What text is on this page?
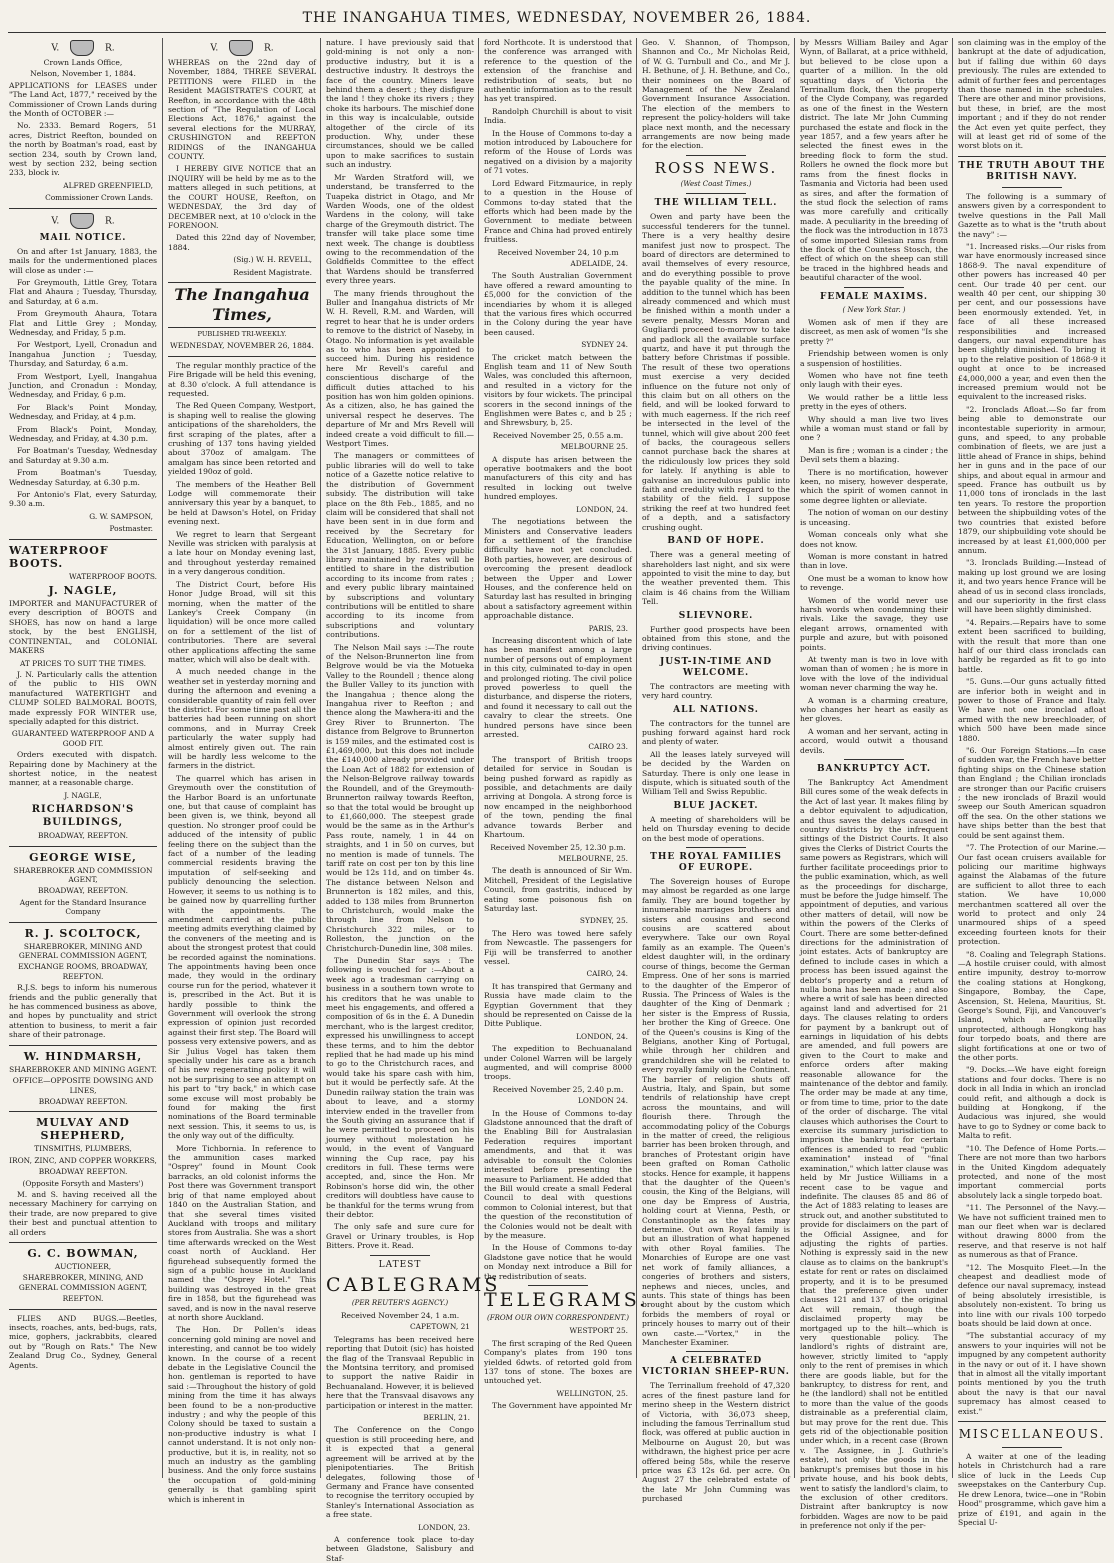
THE INANGAHUA TIMES, WEDNESDAY, NOVEMBER 26, 1884.
V.	R.
Crown Lands Office,
Nelson, November 1, 1884.

APPLICATIONS for LEASES under "The Land Act, 1877," received by the Commissioner of Crown Lands during the Month of OCTOBER :—

No. 2333. Bemard Rogers, 51 acres, District Reefton, bounded on the north by Boatman's road, east by section 234, south by Crown land, west by section 232, being section 233, block iv.

ALFRED GREENFIELD,
Commissioner Crown Lands.
V.	R.
MAIL NOTICE.

On and after 1st January, 1883, the mails for the undermentioned places will close as under :—

For Greymouth, Little Grey, Totara Flat and Ahaura ; Tuesday, Thursday, and Saturday, at 6 a.m.

From Greymouth Ahaura, Totara Flat and Little Grey ; Monday, Wednesday, and Friday, 5 p.m.

For Westport, Lyell, Cronadun and Inangahua Junction ; Tuesday, Thursday, and Saturday, 6 a.m.

From Westport, Lyell, Inangahua Junction, and Cronadun : Monday, Wednesday, and Friday, 6 p.m.

For Black's Point Monday, Wednesday, and Friday, at 4 p.m.

From Black's Point, Monday, Wednesday, and Friday, at 4.30 p.m.

For Boatman's Tuesday, Wednesday and Saturday at 9.30 a.m.

From Boatman's Tuesday, Wednesday Saturday, at 6.30 p.m.

For Antonio's Flat, every Saturday, 9.30 a.m.

G. W. SAMPSON,
Postmaster.
WATERPROOF BOOTS.
WATERPROOF BOOTS.
J. NAGLE,

IMPORTER and MANUFACTURER of every description of BOOTS and SHOES, has now on hand a large stock, by the best ENGLISH, CONTINENTAL, and COLONIAL MAKERS

AT PRICES TO SUIT THE TIMES.

J. N. Particularly calls the attention of the public to HIS OWN manufactured WATERTIGHT and CLUMP SOLED BALMORAL BOOTS, made expressly FOR WINTER use, specially adapted for this district.

GUARANTEED WATERPROOF AND A GOOD FIT.

Orders executed with dispatch. Repairing done by Machinery at the shortest notice, in the neatest manner, at a reasonable charge.

J. NAGLE,
RICHARDSON'S BUILDINGS,
BROADWAY, REEFTON.
GEORGE WISE,
SHAREBROKER AND COMMISSION AGENT,
BROADWAY, REEFTON.
Agent for the Standard Insurance Company
R. J. SCOLTOCK,
SHAREBROKER, MINING AND GENERAL COMMISSION AGENT,
EXCHANGE ROOMS, BROADWAY, REEFTON.

R.J.S. begs to inform his numerous friends and the public generally that he has commenced business as above, and hopes by punctuality and strict attention to business, to merit a fair share of their patronage.

W. HINDMARSH,
SHAREBROKER AND MINING AGENT.
OFFICE—OPPOSITE DOWSING AND LINES,
BROADWAY REEFTON.
MULVAY AND SHEPHERD,
TINSMITHS, PLUMBERS,
IRON, ZINC, AND COPPER WORKERS,
BROADWAY REEFTON.
(Opposite Forsyth and Masters')

M. and S. having received all the necessary Machinery for carrying on their trade, are now prepared to give their best and punctual attention to all orders

G. C. BOWMAN,
AUCTIONEER,
SHAREBROKER, MINING, AND GENERAL COMMISSION AGENT,
REEFTON.

FLIES AND BUGS.—Beetles, insects, roaches, ants, bed-bugs, rats, mice, gophers, jackrabbits, cleared out by "Rough on Rats." The New Zealand Drug Co., Sydney, General Agents.

V.	R.

WHEREAS on the 22nd day of November, 1884, THREE SEVERAL PETITIONS were FILED in the Resident MAGISTRATE'S COURT, at Reefton, in accordance with the 48th section of "The Regulation of Local Elections Act, 1876," against the several elections for the MURRAY, CRUSHINGTON and REEFTON RIDINGS of the INANGAHUA COUNTY.

I HEREBY GIVE NOTICE that an INQUIRY will be held by me as to the matters alleged in such petitions, at the COURT HOUSE, Reefton, on WEDNESDAY, the 3rd day of DECEMBER next, at 10 o'clock in the FORENOON.

Dated this 22nd day of November, 1884.

(Sig.) W. H. REVELL,
Resident Magistrate.
The Inangahua Times,
PUBLISHED TRI-WEEKLY.
WEDNESDAY, NOVEMBER 26, 1884.

The regular monthly practice of the Fire Brigade will be held this evening, at 8.30 o'clock. A full attendance is requested.

The Red Queen Company, Westport, is shaping well to realise the glowing anticipations of the shareholders, the first scraping of the plates, after a crushing of 137 tons having yielded about 370oz of amalgam. The amalgam has since been retorted and yielded 190oz of gold.

The members of the Heather Bell Lodge will commemorate their anniversary this year by a banquet, to be held at Dawson's Hotel, on Friday evening next.

We regret to learn that Sergeant Neville was stricken with paralysis at a late hour on Monday evening last, and throughout yesterday remained in a very dangerous condition.

The District Court, before His Honor Judge Broad, will sit this morning, when the matter of the Lankey's Creek Company (in liquidation) will be once more called on for a settlement of the list of contributories. There are several other applications affecting the same matter, which will also be dealt with.

A much needed change in the weather set in yesterday morning and during the afternoon and evening a considerable quantity of rain fell over the district. For some time past all the batteries had been running on short commons, and in Murray Creek particularly the water supply had almost entirely given out. The rain will be hardly less welcome to the farmers in the district.

The quarrel which has arisen in Greymouth over the constitution of the Harbor Board is an unfortunate one, but that cause of complaint has been given is, we think, beyond all question. No stronger proof could be adduced of the intensity of public feeling there on the subject than the fact of a number of the leading commercial residents braving the imputation of self-seeking and publicly denouncing the selection. However, it seems to us nothing is to be gained now by quarrelling further with the appointments. The amendment carried at the public meeting admits everything claimed by the conveners of the meeting and is about the strongest protest that could be recorded against the nominations. The appointments having been once made, they would in the ordinary course run for the period, whatever it is, prescribed in the Act. But it is hardly possible to think the Government will overlook the strong expression of opinion just recorded against their first step. The Board will possess very extensive powers, and as Sir Julius Vogel has taken them specially under his care as a branch of his new regenerating policy it will not be surprising to see an attempt on his part to "try back," in which case some excuse will most probably be found for making the first nominations of the Board terminable next session. This, it seems to us, is the only way out of the difficulty.

More Tichbornia. In reference to the ammunition cases marked "Osprey" found in Mount Cook barracks, an old colonist informs the Post there was Government transport brig of that name employed about 1840 on the Australian Station, and that she several times visited Auckland with troops and military stores from Australia. She was a short time afterwards wrecked on the West coast north of Auckland. Her figurehead subsequently formed the sign of a public house in Auckland named the "Osprey Hotel." This building was destroyed in the great fire in 1858, but the figurehead was saved, and is now in the naval reserve at north shore Auckland.

The Hon. Dr Pollen's ideas concerning gold mining are novel and interesting, and cannot be too widely known. In the course of a recent debate in the Legislative Council the hon. gentleman is reported to have said :—Throughout the history of gold mining from the time it has always been found to be a non-productive industry ; and why the people of this Colony should be taxed to sustain a non-productive industry is what I cannot understand. It is not only non-productive, but it is, in reality, not so much an industry as the gambling business. And the only force sustains the occupation of gold-mining generally is that gambling spirit which is inherent in

nature. I have previously said that gold-mining is not only a non-productive industry, but it is a destructive industry. It destroys the face of the country. Miners leave behind them a desert ; they disfigure the land ! they choke its rivers ; they choke its harbours. The mischief done in this way is incalculable, outside altogether of the circle of its production. Why, under these circumstances, should we be called upon to make sacrifices to sustain such an industry.

Mr Warden Stratford will, we understand, be transferred to the Tuapeka district in Otago, and Mr Warden Woods, one of the oldest Wardens in the colony, will take charge of the Greymouth district. The transfer will take place some time next week. The change is doubtless owing to the recommendation of the Goldfields Committee to the effect that Wardens should be transferred every three years.

The many friends throughout the Buller and Inangahua districts of Mr W. H. Revell, R.M. and Warden, will regret to hear that he is under orders to remove to the district of Naseby, in Otago. No information is yet available as to who has been appointed to succeed him. During his residence here Mr Revell's careful and conscientious discharge of the difficult duties attached to his position has won him golden opinions. As a citizen, also, he has gained the universal respect he deserves. The departure of Mr and Mrs Revell will indeed create a void difficult to fill.—Westport Times.

The managers or committees of public libraries will do well to take notice of a Gazette notice relative to the distribution of Government subsidy. The distribution will take place on the 8th Feb., 1885, and no claim will be considered that shall not have been sent in in due form and received by the Secretary for Education, Wellington, on or before the 31st January, 1885. Every public library maintained by rates will be entitled to share in the distribution according to its income from rates ; and every public library maintained by subscriptions and voluntary contributions will be entitled to share according to its income from subscriptions and voluntary contributions.

The Nelson Mail says :—The route of the Nelson-Brunnerton line from Belgrove would be via the Motueka Valley to the Roundell ; thence along the Buller Valley to its junction with the Inangahua ; thence along the Inangahua river to Reefton ; and thence along the Mawhera-iti and the Grey River to Brunnerton. The distance from Belgrove to Brunnerton is 159 miles, and the estimated cost is £1,469,000, but this does not include the £140,000 already provided under the Loan Act of 1882 for extension of the Nelson-Belgrove railway towards the Roundell, and of the Greymouth-Brunnerton railway towards Reefton, so that the total would be brought up to £1,660,000. The steepest grade would be the same as in the Arthur's Pass route, namely, 1 in 44 on straights, and 1 in 50 on curves, but no mention is made of tunnels. The tariff rate on cost per ton by this line would be 12s 11d, and on timber 4s. The distance between Nelson and Brunnerton is 182 miles, and this, added to 138 miles from Brunnerton to Christchurch, would make the through line from Nelson to Christchurch 322 miles, or to Rolleston, the junction on the Christchurch-Dunedin line, 308 miles.

The Dunedin Star says : The following is vouched for :—About a week ago a tradesman carrying on business in a southern town wrote to his creditors that he was unable to meet his engagements, and offered a composition of 6s in the £. A Dunedin merchant, who is the largest creditor, expressed his unwillingness to accept these terms, and to him the debtor replied that he had made up his mind to go to the Christchurch races, and would take his spare cash with him, but it would be perfectly safe. At the Dunedin railway station the train was about to leave, and a stormy interview ended in the traveller from the South giving an assurance that if he were permitted to proceed on his journey without molestation he would, in the event of Vanguard winning the Cup race, pay his creditors in full. These terms were accepted, and, since the Hon. Mr Robinson's horse did win, the other creditors will doubtless have cause to be thankful for the terms wrung from their debtor.

The only safe and sure cure for Gravel or Urinary troubles, is Hop Bitters. Prove it. Read.

LATEST
CABLEGRAMS
(PER REUTER'S AGENCY.)
Received November 24, 1 a.m.
CAPETOWN, 21

Telegrams has been received here reporting that Dutoit (sic) has hoisted the flag of the Transvaal Republic in the Montsina territory, and promised to support the native Raidir in Bechuanaland. However, it is believed here that the Transvaal disavows any participation or interest in the matter.

BERLIN, 21.

The Conference on the Congo question is still proceeding here, and it is expected that a general agreement will be arrived at by the plenipotentiaries. The British delegates, following those of Germany and France have consented to recognise the territory occupied by Stanley's International Association as a free state.

LONDON, 23.

A conference took place to-day between Gladstone, Salisbury and Staf-

ford Northcote. It is understood that the conference was arranged with reference to the question of the extension of the franchise and redistribution of seats, but no authentic information as to the result has yet transpired.

Randolph Churchill is about to visit India.

In the House of Commons to-day a motion introduced by Labouchere for reform of the House of Lords was negatived on a division by a majority of 71 votes.

Lord Edward Fitzmaurice, in reply to a question in the House of Commons to-day stated that the efforts which had been made by the Government to mediate between France and China had proved entirely fruitless.

Received November 24, 10 p.m
ADELAIDE, 24.

The South Australian Government have offered a reward amounting to £5,000 for the conviction of the incendiaries by whom it is alleged that the various fires which occurred in the Colony during the year have been caused.

SYDNEY 24.

The cricket match between the English team and 11 of New South Wales, was concluded this afternoon, and resulted in a victory for the visitors by four wickets. The principal scorers in the second innings of the Englishmen were Bates c, and b 25 ; and Shrewsbury, b, 25.

Received November 25, 0.55 a.m.
MELBOURNE 25.

A dispute has arisen between the operative bootmakers and the boot manufacturers of this city and has resulted in locking out twelve hundred employes.

LONDON, 24.

The negotiations between the Ministers and Conservative leaders for a settlement of the franchise difficulty have not yet concluded. Both parties, however, are desirous of overcoming the present deadlock between the Upper and Lower Houses, and the conference held on Saturday last has resulted in bringing about a satisfactory agreement within approachable distance.

PARIS, 23.

Increasing discontent which of late has been manifest among a large number of persons out of employment in this city, culminated to-day in open and prolonged rioting. The civil police proved powerless to quell the disturbance, and disperse the rioters, and found it necessary to call out the cavalry to clear the streets. One hundred persons have since been arrested.

CAIRO 23.

The transport of British troops detailed for service in Soudan is being pushed forward as rapidly as possible, and detachments are daily arriving at Dongola. A strong force is now encamped in the neighborhood of the town, pending the final advance towards Berber and Khartoum.

Received November 25, 12.30 p.m.
MELBOURNE, 25.

The death is announced of Sir Wm. Mitchell, President of the Legislative Council, from gastritis, induced by eating some poisonous fish on Saturday last.

SYDNEY, 25.

The Hero was towed here safely from Newcastle. The passengers for Fiji will be transferred to another vessel.

CAIRO, 24.

It has transpired that Germany and Russia have made claim to the Egyptian Government that they should be represented on Caisse de la Ditte Publique.

LONDON, 24.

The expedition to Bechuanaland under Colonel Warren will be largely augmented, and will comprise 8000 troops.

Received November 25, 2.40 p.m.
LONDON 24.

In the House of Commons to-day Gladstone announced that the draft of the Enabling Bill for Australasian Federation requires important amendments, and that it was advisable to consult the Colonies interested before presenting the measure to Parliament. He added that the Bill would create a small Federal Council to deal with questions common to Colonial interest, but that the question of the reconstitution of the Colonies would not be dealt with by the measure.

In the House of Commons to-day Gladstone gave notice that he would on Monday next introduce a Bill for the redistribution of seats.

TELEGRAMS.
(FROM OUR OWN CORRESPONDENT.)
WESTPORT 25.

The first scraping of the Red Queen Company's plates from 190 tons yielded 6dwts. of retorted gold from 137 tons of stone. The boxes are untouched yet.

WELLINGTON, 25.

The Government have appointed Mr

Geo. V. Shannon, of Thompson, Shannon and Co., Mr Nicholas Reid, of W. G. Turnbull and Co., and Mr J. H. Bethune, of J. H. Bethune, and Co., their nominees on the Board of Management of the New Zealand Government Insurance Association. The election of the members to represent the policy-holders will take place next month, and the necessary arrangements are now being made for the election.

ROSS NEWS.
(West Coast Times.)
THE WILLIAM TELL.

Owen and party have been the successful tenderers for the tunnel. There is a very healthy desire manifest just now to prospect. The board of directors are determined to avail themselves of every resource, and do everything possible to prove the payable quality of the mine. In addition to the tunnel which has been already commenced and which must be finished within a month under a severe penalty, Messrs Moran and Gugliardi proceed to-morrow to take and padlock all the available surface quartz, and have it put through the battery before Christmas if possible. The result of these two operations must exercise a very decided influence on the future not only of this claim but on all others on the field, and will be looked forward to with much eagerness. If the rich reef be intersected in the level of the tunnel, which will give about 200 feet of backs, the courageous sellers cannot purchase back the shares at the ridiculously low prices they sold for lately. If anything is able to galvanise an incredulous public into faith and credulity with regard to the stability of the field. I suppose striking the reef at two hundred feet of a depth, and a satisfactory crushing ought.

BAND OF HOPE.

There was a general meeting of shareholders last night, and six were appointed to visit the mine to day, but the weather prevented them. This claim is 46 chains from the William Tell.

SLIEVNORE.

Further good prospects have been obtained from this stone, and the driving continues.

JUST-IN-TIME AND WELCOME.

The contractors are meeting with very hard country.

ALL NATIONS.

The contractors for the tunnel are pushing forward against hard rock and plenty of water.

All the leases lately surveyed will be decided by the Warden on Saturday. There is only one lease in dispute, which is situated south of the William Tell and Swiss Republic.

BLUE JACKET.

A meeting of shareholders will be held on Thursday evening to decide on the best mode of operations.

THE ROYAL FAMILIES OF EUROPE.

The Sovereign houses of Europe may almost be regarded as one large family. They are bound together by innumerable marriages brothers and sisters and cousins and second cousins are scattered about everywhere. Take our own Royal family as an example. The Queen's eldest daughter will, in the ordinary course of things, become the German Empress. One of her sons is married to the daughter of the Emperor of Russia. The Princess of Wales is the daughter of the King of Denmark ; her sister is the Empress of Russia, her brother the King of Greece. One of the Queen's cousins is King of the Belgians, another King of Portugal, while through her children and grandchildren she will be related to every royally family on the Continent. The barrier of religion shuts off Austria, Italy, and Spain, but some tendrils of relationship have crept across the mountains, and will flourish there. Through the accommodating policy of the Coburgs in the matter of creed, the religious barrier has been broken through, and branches of Protestant origin have been grafted on Roman Catholic stocks. Hence for example, it happens that the daughter of the Queen's cousin, the King of the Belgians, will one day be Empress of Austria, holding court at Vienna, Pesth, or Constantinople as the fates may determine. Out own Royal family is but an illustration of what happened with other Royal families. The Monarchies of Europe are one vast net work of family alliances, a congeries of brothers and sisters, nephews and nieces, uncles, and aunts. This state of things has been brought about by the custom which forbids the members of royal or princely houses to marry out of their own caste.—"Vortex," in the Manchester Examiner.

A CELEBRATED VICTORIAN SHEEP-RUN.

The Terrinallum freehold of 47,320 acres of the finest pasture land for merino sheep in the Western district of Victoria, with 36,073 sheep, including the famous Terrinallum stud flock, was offered at public auction in Melbourne on August 20, but was withdrawn, the highest price per acre offered being 58s, while the reserve price was £3 12s 6d. per acre. On August 27 the celebrated estate of the late Mr John Cumming was purchased

by Messrs William Bailey and Agar Wynn, of Ballarat, at a price withheld, but believed to be close upon a quarter of a million. In the old squatting days of Victoria the Terrinallum flock, then the property of the Clyde Company, was regarded as one of the finest in the Western district. The late Mr John Cumming purchased the estate and flock in the year 1857, and a few years after he selected the finest ewes in the breeding flock to form the stud. Rollers he owned the flock more but rams from the finest flocks in Tasmania and Victoria had been used as sires, and after the formation of the stud flock the selection of rams was more carefully and critically made. A peculiarity in the breeding of the flock was the introduction in 1873 of some imported Silesian rams from the flock of the Countess Stosch, the effect of which on the sheep can still be traced in the highbred heads and beautiful character of the wool.

FEMALE MAXIMS.
( New York Star. )

Women ask of men if they are discreet, as men ask of women "Is she pretty ?"

Friendship between women is only a suspension of hostilities.

Women who have not fine teeth only laugh with their eyes.

We would rather be a little less pretty in the eyes of others.

Why should a man live two lives while a woman must stand or fall by one ?

Man is fire ; woman is a cinder ; the Devil sets them a blazing.

There is no mortification, however keen, no misery, however desperate, which the spirit of women cannot in some degree lighten or alleviate.

The notion of woman on our destiny is unceasing.

Woman conceals only what she does not know.

Woman is more constant in hatred than in love.

One must be a woman to know how to revenge.

Women of the world never use harsh words when condemning their rivals. Like the savage, they use elegant arrows, ornamented with purple and azure, but with poisoned points.

At twenty man is two in love with woman than of women ; he is more in love with the love of the individual woman never charming the way he.

A woman is a charming creature, who changes her heart as easily as her gloves.

A woman and her servant, acting in accord, would outwit a thousand devils.

BANKRUPTCY ACT.

The Bankruptcy Act Amendment Bill cures some of the weak defects in the Act of last year. It makes filing by a debtor equivalent to adjudication, and thus saves the delays caused in country districts by the infrequent sittings of the District Courts. It also gives the Clerks of District Courts the same powers as Registrars, which will further facilitate proceedings prior to the public examination, which, as well as the proceedings for discharge, must be before the Judge himself. The appointment of deputies, and various other matters of detail, will now be within the powers of the Clerks of Court. There are some better-defined directions for the administration of joint estates. Acts of bankruptcy are defined to include cases in which a process has been issued against the debtor's property and a return of nulla bona has been made ; and also where a writ of sale has been directed against land and advertised for 21 days. The clauses relating to orders for payment by a bankrupt out of earnings in liquidation of his debts are amended, and full powers are given to the Court to make and enforce orders after making reasonable allowance for the maintenance of the debtor and family. The order may be made at any time, or from time to time, prior to the date of the order of discharge. The vital clauses which authorises the Court to exercise its summary jurisdiction to imprison the bankrupt for certain offences is amended to read "public examination" instead of "final examination," which latter clause was held by Mr Justice Williams in a recent case to be vague and indefinite. The clauses 85 and 86 of the Act of 1883 relating to leases are struck out, and another substituted to provide for disclaimers on the part of the Official Assignee, and for adjusting the rights of parties. Nothing is expressly said in the new clause as to claims on the bankrupt's estate for rent or rates on disclaimed property, and it is to be presumed that the preference given under clauses 121 and 137 of the original Act will remain, though the disclaimed property may be mortgaged up to the hilt—which is very questionable policy. The landlord's rights of distraint are, however, strictly limited to "apply only to the rent of premises in which there are goods liable, but for the bankruptcy, to distress for rent, and he (the landlord) shall not be entitled to more than the value of the goods distrainable as a preferential claim, but may prove for the rent due. This gets rid of the objectionable position under which, in a recent case (Brown v. The Assignee, in J. Guthrie's estate), not only the goods in the bankrupt's premises but those in his private house, and his book debts, went to satisfy the landlord's claim, to the exclusion of other creditors. Distraint after bankruptcy is now forbidden. Wages are now to be paid in preference not only if the per-

son claiming was in the employ of the bankrupt at the date of adjudication, but if falling due within 60 days previously. The rules are extended to admit of further fees and percentages than those named in the schedules. There are other and minor provisions, but these, in brief, are the most important ; and if they do not render the Act even yet quite perfect, they will at least get rid of some of the worst blots on it.

THE TRUTH ABOUT THE BRITISH NAVY.

The following is a summary of answers given by a correspondent to twelve questions in the Pall Mall Gazette as to what is the "truth about the navy" :—

"1. Increased risks.—Our risks from war have enormously increased since 1868-9. The naval expenditure of other powers has increased 40 per cent. Our trade 40 per cent. our wealth 40 per cent, our shipping 30 per cent, and our possessions have been enormously extended. Yet, in face of all these increased responsibilities and increased dangers, our naval expenditure has been slightly diminished. To bring it up to the relative position of 1868-9 it ought at once to be increased £4,000,000 a year, and even then the increased premium would not be equivalent to the increased risks.

"2. Ironclads Afloat.—So far from being able to demonstrate our incontestable superiority in armour, guns, and speed, to any probable combination of fleets, we are just a little ahead of France in ships, behind her in guns and in the pace of our ships, and about equal in armour and speed. France has outbuilt us by 11,000 tons of ironclads in the last ten years. To restore the proportion between the shipbuilding votes of the two countries that existed before 1879, our shipbuilding vote should be increased by at least £1,000,000 per annum.

"3. Ironclads Building.—Instead of making up lost ground we are losing it, and two years hence France will be ahead of us in second class ironclads, and our superiority in the first class will have been slightly diminished.

"4. Repairs.—Repairs have to some extent been sacrificed to building, with the result that more than one half of our third class ironclads can hardly be regarded as fit to go into battle.

"5. Guns.—Our guns actually fitted are inferior both in weight and in power to those of France and Italy. We have not one ironclad afloat armed with the new breechloader, of which 500 have been made since 1880.

"6. Our Foreign Stations.—In case of sudden war, the French have better fighting ships on the Chinese station than England ; the Chilian ironclads are stronger than our Pacific cruisers ; the new ironclads of Brazil would sweep our South American squadron off the sea. On the other stations we have ships better than the best that could be sent against them.

"7. The Protection of our Marine.—Our fast ocean cruisers available for policing our maritime highways against the Alabamas of the future are sufficient to allot three to each station. We have 10,000 merchantmen scattered all over the world to protect and only 24 unarmoured ships of a speed exceeding fourteen knots for their protection.

"8. Coaling and Telegraph Stations.—A hostile cruiser could, with almost entire impunity, destroy to-morrow the coaling stations at Hongkong, Singapore, Bombay, the Cape, Ascension, St. Helena, Mauritius, St. George's Sound, Fiji, and Vancouver's Island, which are virtually unprotected, although Hongkong has four torpedo boats, and there are slight fortifications at one or two of the other ports.

"9. Docks.—We have eight foreign stations and four docks. There is no dock in all India in which an ironclad could refit, and although a dock is building at Hongkong, if the Audacious was injured, she would have to go to Sydney or come back to Malta to refit.

"10. The Defence of Home Ports.—There are not more than two harbors in the United Kingdom adequately protected, and none of the most important commercial ports absolutely lack a single torpedo boat.

"11. The Personnel of the Navy.—We have not sufficient trained men to man our fleet when war is declared without drawing 8000 from the reserve, and that reserve is not half as numerous as that of France.

"12. The Mosquito Fleet.—In the cheapest and deadliest mode of defence our naval supremacy, instead of being absolutely irresistible, is absolutely non-existent. To bring us into line with our rivals 100 torpedo boats should be laid down at once.

"The substantial accuracy of my answers to your inquiries will not be impugned by any competent authority in the navy or out of it. I have shown that in almost all the vitally important points mentioned by you the truth about the navy is that our naval supremacy has almost ceased to exist."

MISCELLANEOUS.

A waiter at one of the leading hotels in Christchurch had a rare slice of luck in the Leeds Cup sweepstakes on the Canterbury Cup. He drew Lenora, twice—one in "Robin Hood" prosgramme, which gave him a prize of £191, and again in the Special U-
